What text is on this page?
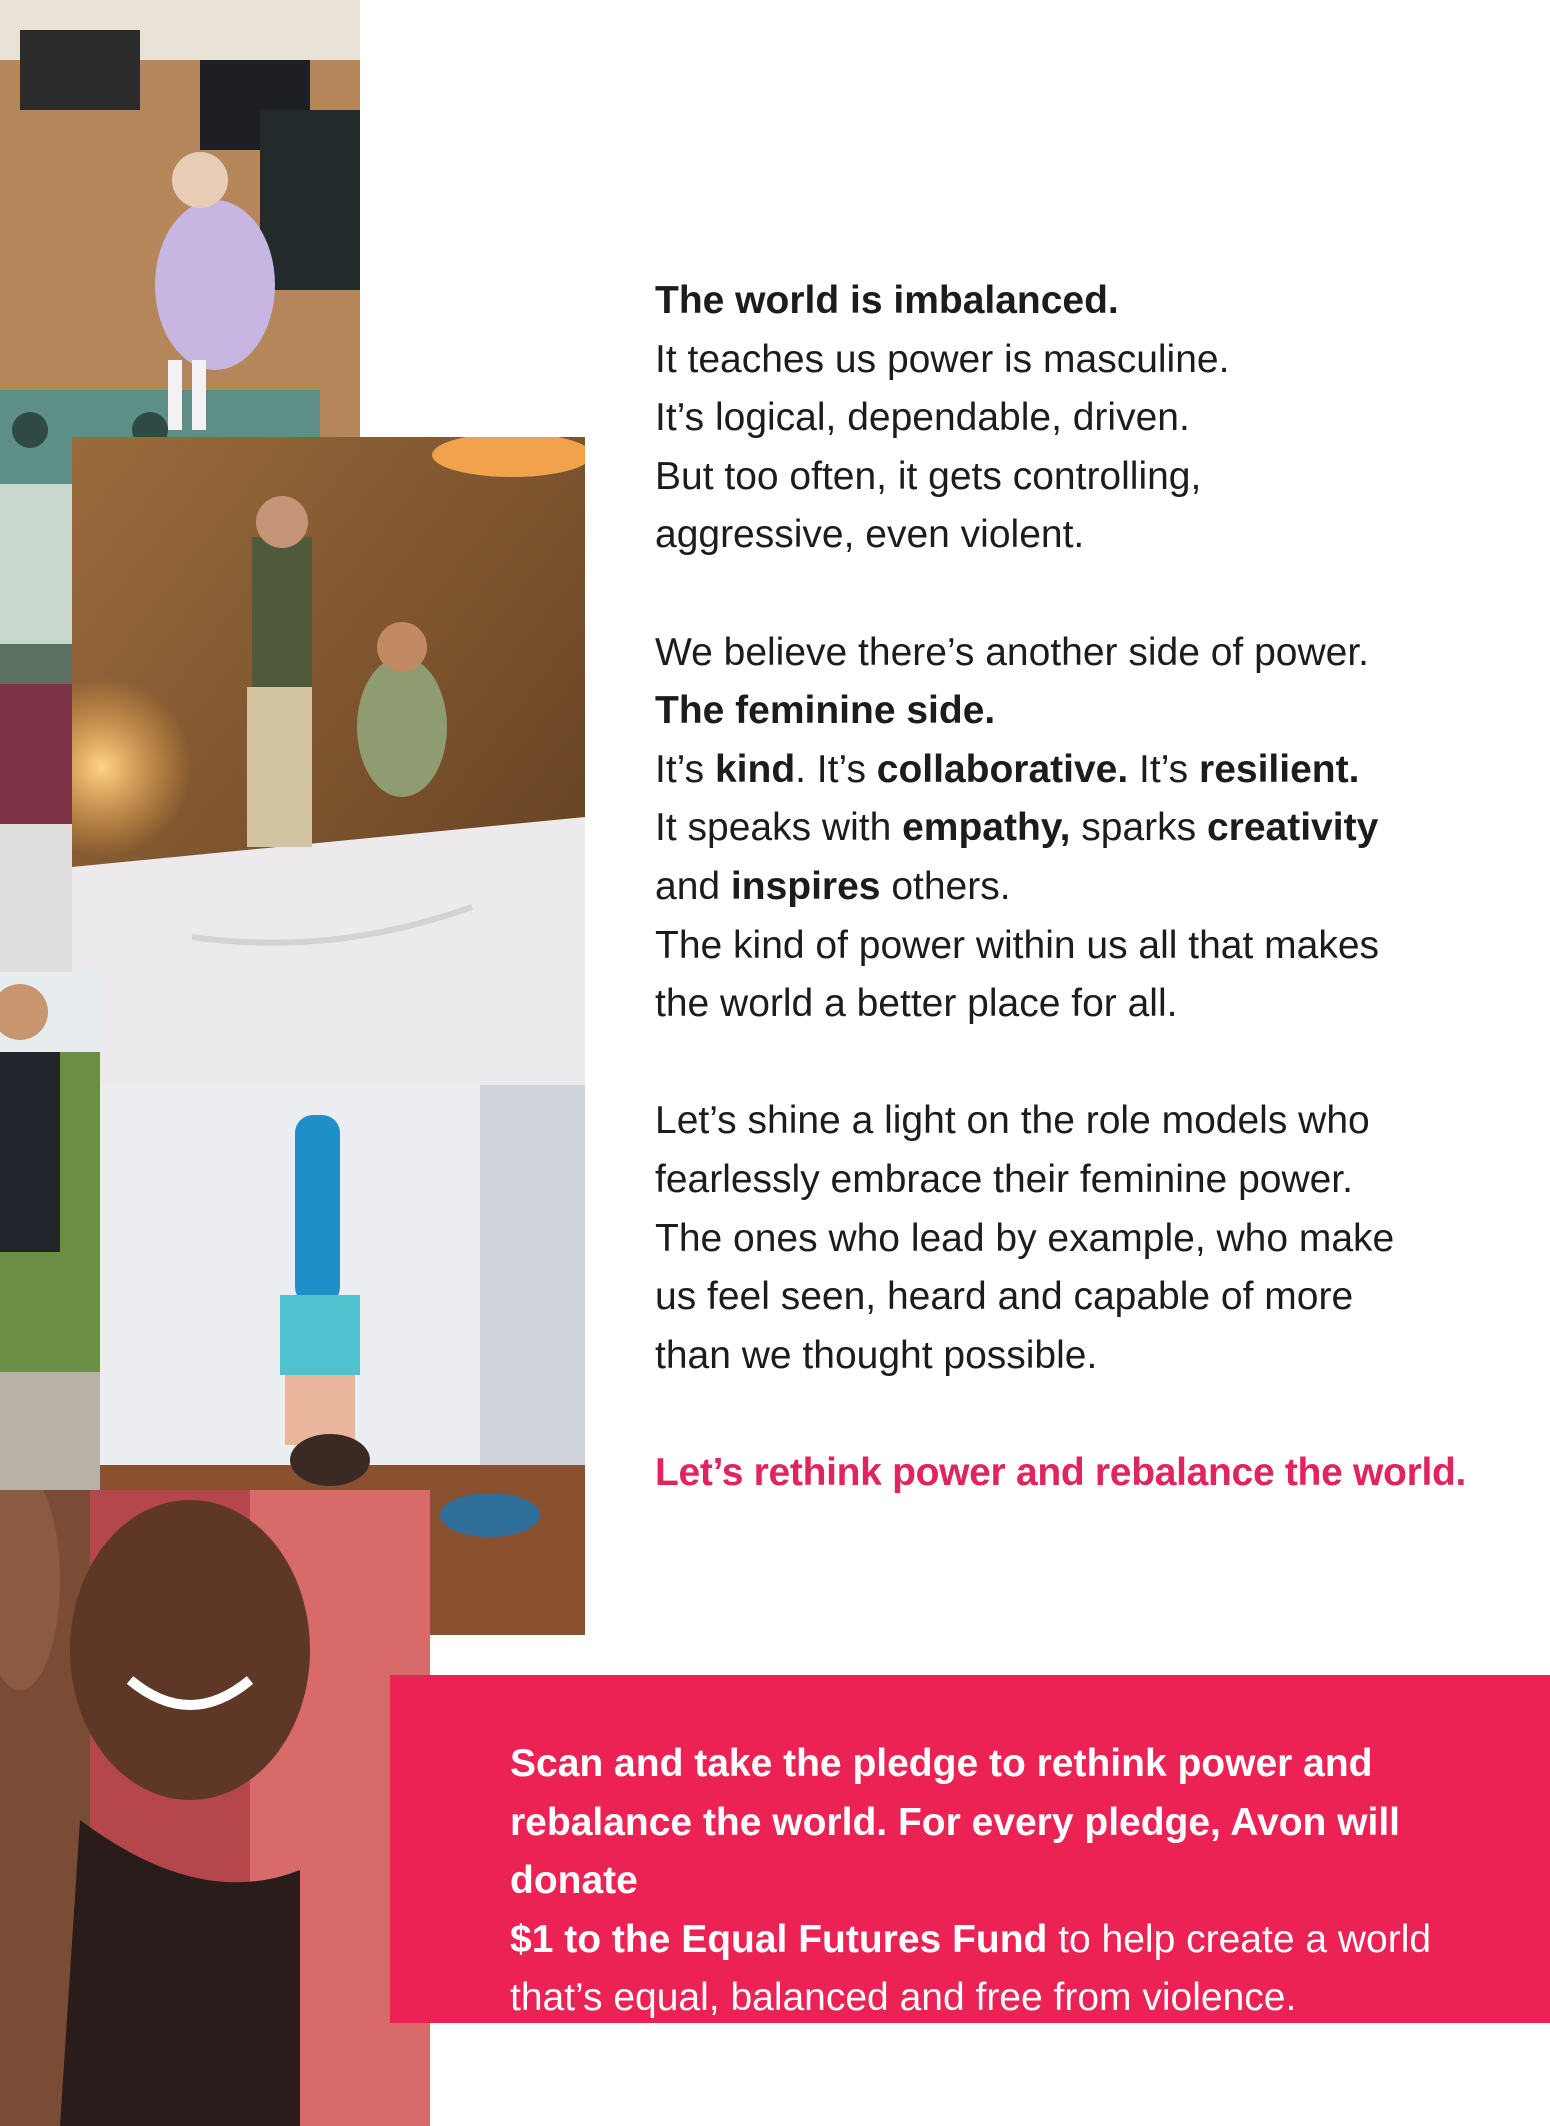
The world is imbalanced.

It teaches us power is masculine.

It’s logical, dependable, driven.

But too often, it gets controlling,

aggressive, even violent.

We believe there’s another side of power.

The feminine side.

It’s kind. It’s collaborative. It’s resilient.

It speaks with empathy, sparks creativity

and inspires others.

The kind of power within us all that makes

the world a better place for all.

Let’s shine a light on the role models who

fearlessly embrace their feminine power.

The ones who lead by example, who make

us feel seen, heard and capable of more

than we thought possible.

Let’s rethink power and rebalance the world.

Scan and take the pledge to rethink power and
rebalance the world. For every pledge, Avon will donate
$1 to the Equal Futures Fund to help create a world
that’s equal, balanced and free from violence.
